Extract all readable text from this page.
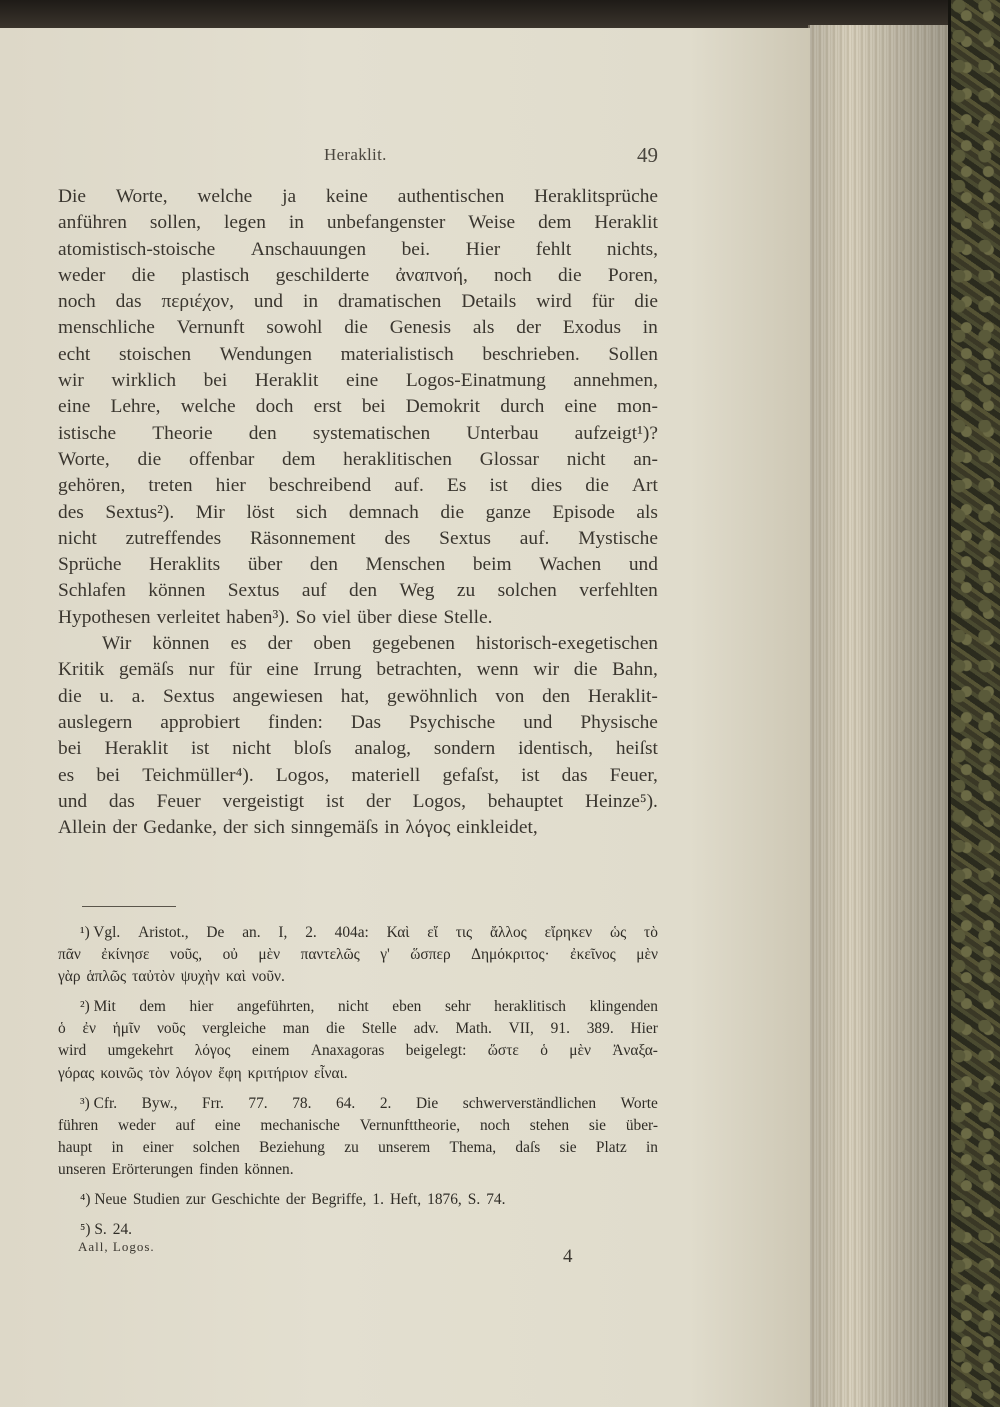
Heraklit.	49
Die Worte, welche ja keine authentischen Heraklitsprüche
anführen sollen, legen in unbefangenster Weise dem Heraklit
atomistisch-stoische Anschauungen bei. Hier fehlt nichts,
weder die plastisch geschilderte ἀναπνοή, noch die Poren,
noch das περιέχον, und in dramatischen Details wird für die
menschliche Vernunft sowohl die Genesis als der Exodus in
echt stoischen Wendungen materialistisch beschrieben. Sollen
wir wirklich bei Heraklit eine Logos-Einatmung annehmen,
eine Lehre, welche doch erst bei Demokrit durch eine mon-
istische Theorie den systematischen Unterbau aufzeigt¹)?
Worte, die offenbar dem heraklitischen Glossar nicht an-
gehören, treten hier beschreibend auf. Es ist dies die Art
des Sextus²). Mir löst sich demnach die ganze Episode als
nicht zutreffendes Räsonnement des Sextus auf. Mystische
Sprüche Heraklits über den Menschen beim Wachen und
Schlafen können Sextus auf den Weg zu solchen verfehlten
Hypothesen verleitet haben³). So viel über diese Stelle.
Wir können es der oben gegebenen historisch-exegetischen
Kritik gemäſs nur für eine Irrung betrachten, wenn wir die Bahn,
die u. a. Sextus angewiesen hat, gewöhnlich von den Heraklit-
auslegern approbiert finden: Das Psychische und Physische
bei Heraklit ist nicht bloſs analog, sondern identisch, heiſst
es bei Teichmüller⁴). Logos, materiell gefaſst, ist das Feuer,
und das Feuer vergeistigt ist der Logos, behauptet Heinze⁵).
Allein der Gedanke, der sich sinngemäſs in λόγος einkleidet,
¹) Vgl. Aristot., De an. I, 2. 404a: Καὶ εἴ τις ἄλλος εἴρηκεν ὡς τὸ
πᾶν ἐκίνησε νοῦς, οὐ μὲν παντελῶς γ' ὥσπερ Δημόκριτος· ἐκεῖνος μὲν
γὰρ ἁπλῶς ταὐτὸν ψυχὴν καὶ νοῦν.
²) Mit dem hier angeführten, nicht eben sehr heraklitisch klingenden
ὁ ἐν ἡμῖν νοῦς vergleiche man die Stelle adv. Math. VII, 91. 389. Hier
wird umgekehrt λόγος einem Anaxagoras beigelegt: ὥστε ὁ μὲν Ἀναξα-
γόρας κοινῶς τὸν λόγον ἔφη κριτήριον εἶναι.
³) Cfr. Byw., Frr. 77. 78. 64. 2. Die schwerverständlichen Worte
führen weder auf eine mechanische Vernunfttheorie, noch stehen sie über-
haupt in einer solchen Beziehung zu unserem Thema, daſs sie Platz in
unseren Erörterungen finden können.
⁴) Neue Studien zur Geschichte der Begriffe, 1. Heft, 1876, S. 74.
⁵) S. 24.
Aall, Logos.	4
